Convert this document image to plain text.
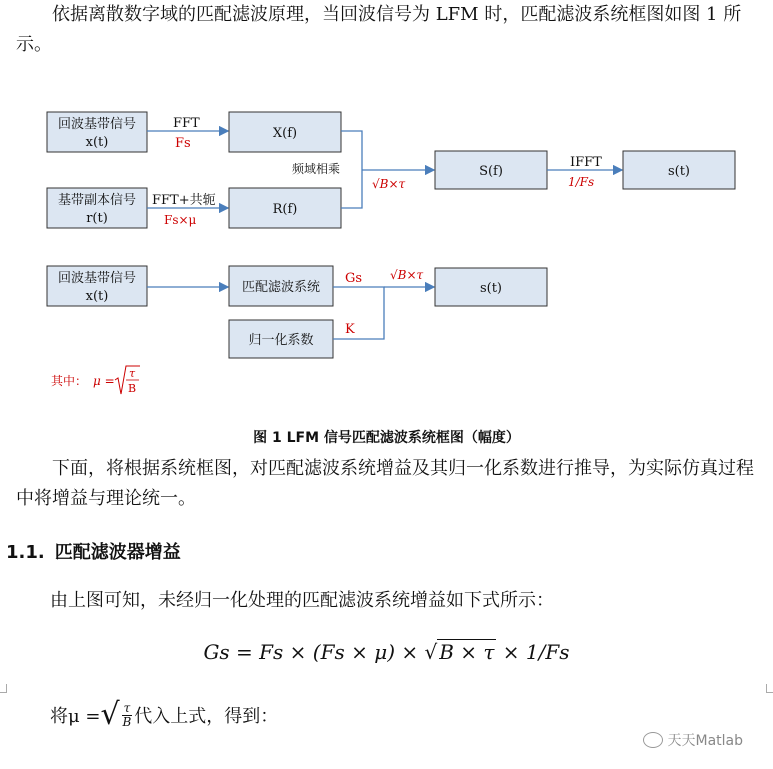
依据离散数字域的匹配滤波原理，当回波信号为 LFM 时，匹配滤波系统框图如图 1 所示。

回波基带信号
x(t)
FFT
Fs
X(f)
基带副本信号
r(t)
FFT+共轭
Fs×μ
R(f)
频域相乘
√B×τ
S(f)
IFFT
1/Fs
s(t)
回波基带信号
x(t)
匹配滤波系统
Gs √B×τ
归一化系数
K
s(t)
其中： μ =
τ
B
图 1 LFM 信号匹配滤波系统框图（幅度）

下面，将根据系统框图，对匹配滤波系统增益及其归一化系数进行推导，为实际仿真过程中将增益与理论统一。

1.1. 匹配滤波器增益

由上图可知，未经归一化处理的匹配滤波系统增益如下式所示：

Gs = Fs × (Fs × μ) × √ B × τ × 1/Fs
将μ = √ $\frac{\tau}{B}$ 代入上式，得到：
天天Matlab
